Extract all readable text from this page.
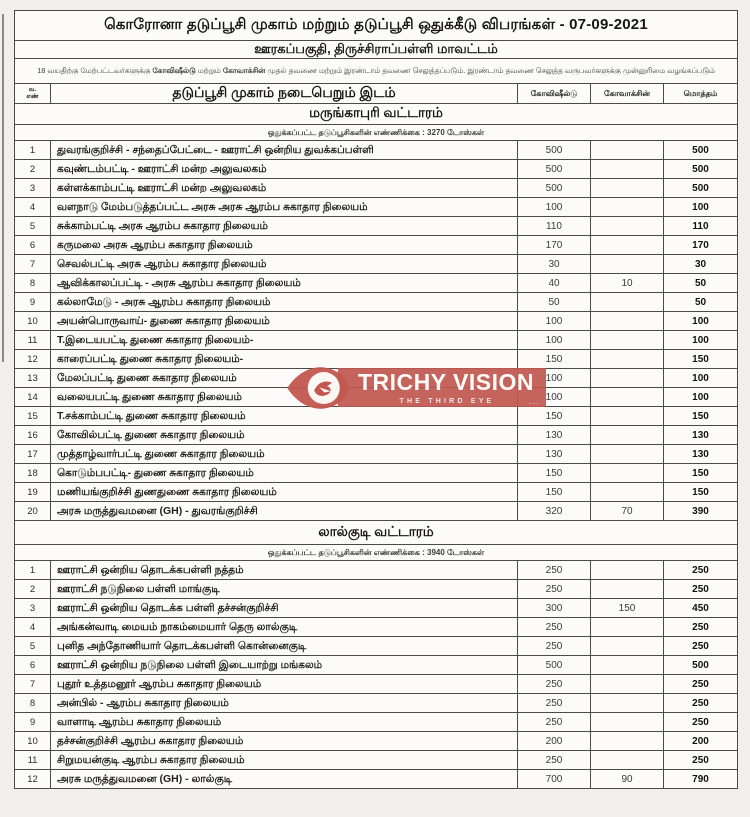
கொரோனா தடுப்பூசி முகாம் மற்றும் தடுப்பூசி ஒதுக்கீடு விபரங்கள் - 07-09-2021				
ஊரகப்பகுதி, திருச்சிராப்பள்ளி மாவட்டம்				
18 வயதிற்கு மேற்பட்டவர்களுக்கு கோவிஷீல்டு மற்றும் கோவாக்சின் முதல் தவணை மற்றும் இரண்டாம் தவணை செலுத்தப்படும். இரண்டாம் தவணை செலுத்த வருபவர்களுக்கு முன்னுரிமை வழங்கப்படும்				
வ.
எண்	தடுப்பூசி முகாம் நடைபெறும் இடம்	கோவிஷீல்டு	கோவாக்சின்	மொத்தம்
மருங்காபுரி வட்டாரம்				
ஒதுக்கப்பட்ட தடுப்பூசிகளின் எண்ணிக்கை : 3270 டோஸ்கள்				
1	துவரங்குறிச்சி - சந்தைப்பேட்டை - ஊராட்சி ஒன்றிய துவக்கப்பள்ளி	500		500
2	கவுண்டம்பட்டி - ஊராட்சி மன்ற அலுவலகம்	500		500
3	கள்ளக்காம்பட்டி ஊராட்சி மன்ற அலுவலகம்	500		500
4	வளநாடு மேம்படுத்தப்பட்ட அரசு அரசு ஆரம்ப சுகாதார நிலையம்	100		100
5	சுக்காம்பட்டி அரசு ஆரம்ப சுகாதார நிலையம்	110		110
6	கருமலை அரசு ஆரம்ப சுகாதார நிலையம்	170		170
7	செவல்பட்டி அரசு ஆரம்ப சுகாதார நிலையம்	30		30
8	ஆவிக்காலப்பட்டி - அரசு ஆரம்ப சுகாதார நிலையம்	40	10	50
9	கல்லாமேடு - அரசு ஆரம்ப சுகாதார நிலையம்	50		50
10	அயன்பொருவாய்- துணை சுகாதார நிலையம்	100		100
11	T.இடையபட்டி துணை சுகாதார நிலையம்-	100		100
12	காரைப்பட்டி துணை சுகாதார நிலையம்-	150		150
13	மேலப்பட்டி துணை சுகாதார நிலையம்	100		100
14	வலையபட்டி துணை சுகாதார நிலையம்	100		100
15	T.சக்காம்பட்டி துணை சுகாதார நிலையம்	150		150
16	கோவில்பட்டி துணை சுகாதார நிலையம்	130		130
17	முத்தாழ்வார்பட்டி துணை சுகாதார நிலையம்	130		130
18	கொடும்பபட்டி- துணை சுகாதார நிலையம்	150		150
19	மணியங்குறிச்சி துணதுணை சுகாதார நிலையம்	150		150
20	அரசு மருத்துவமனை (GH) - துவரங்குறிச்சி	320	70	390
லால்குடி வட்டாரம்				
ஒதுக்கப்பட்ட தடுப்பூசிகளின் எண்ணிக்கை : 3940 டோஸ்கள்				
1	ஊராட்சி ஒன்றிய தொடக்கபள்ளி நத்தம்	250		250
2	ஊராட்சி நடுநிலை பள்ளி மாங்குடி	250		250
3	ஊராட்சி ஒன்றிய தொடக்க பள்ளி தச்சன்குறிச்சி	300	150	450
4	அங்கன்வாடி மையம் நாகம்மையார் தெரு லால்குடி	250		250
5	புனித அந்தோணியார் தொடக்கபள்ளி கொன்னைகுடி	250		250
6	ஊராட்சி ஒன்றிய நடுநிலை பள்ளி இடையாற்று மங்கலம்	500		500
7	புதூர் உத்தமனூர் ஆரம்ப சுகாதார நிலையம்	250		250
8	அன்பில் - ஆரம்ப சுகாதார நிலையம்	250		250
9	வாளாடி ஆரம்ப சுகாதார நிலையம்	250		250
10	தச்சன்குறிச்சி ஆரம்ப சுகாதார நிலையம்	200		200
11	சிறுமயன்குடி ஆரம்ப சுகாதார நிலையம்	250		250
12	அரசு மருத்துவமனை (GH) - லால்குடி	700	90	790
TRICHY VISION
THE THIRD EYE	...
